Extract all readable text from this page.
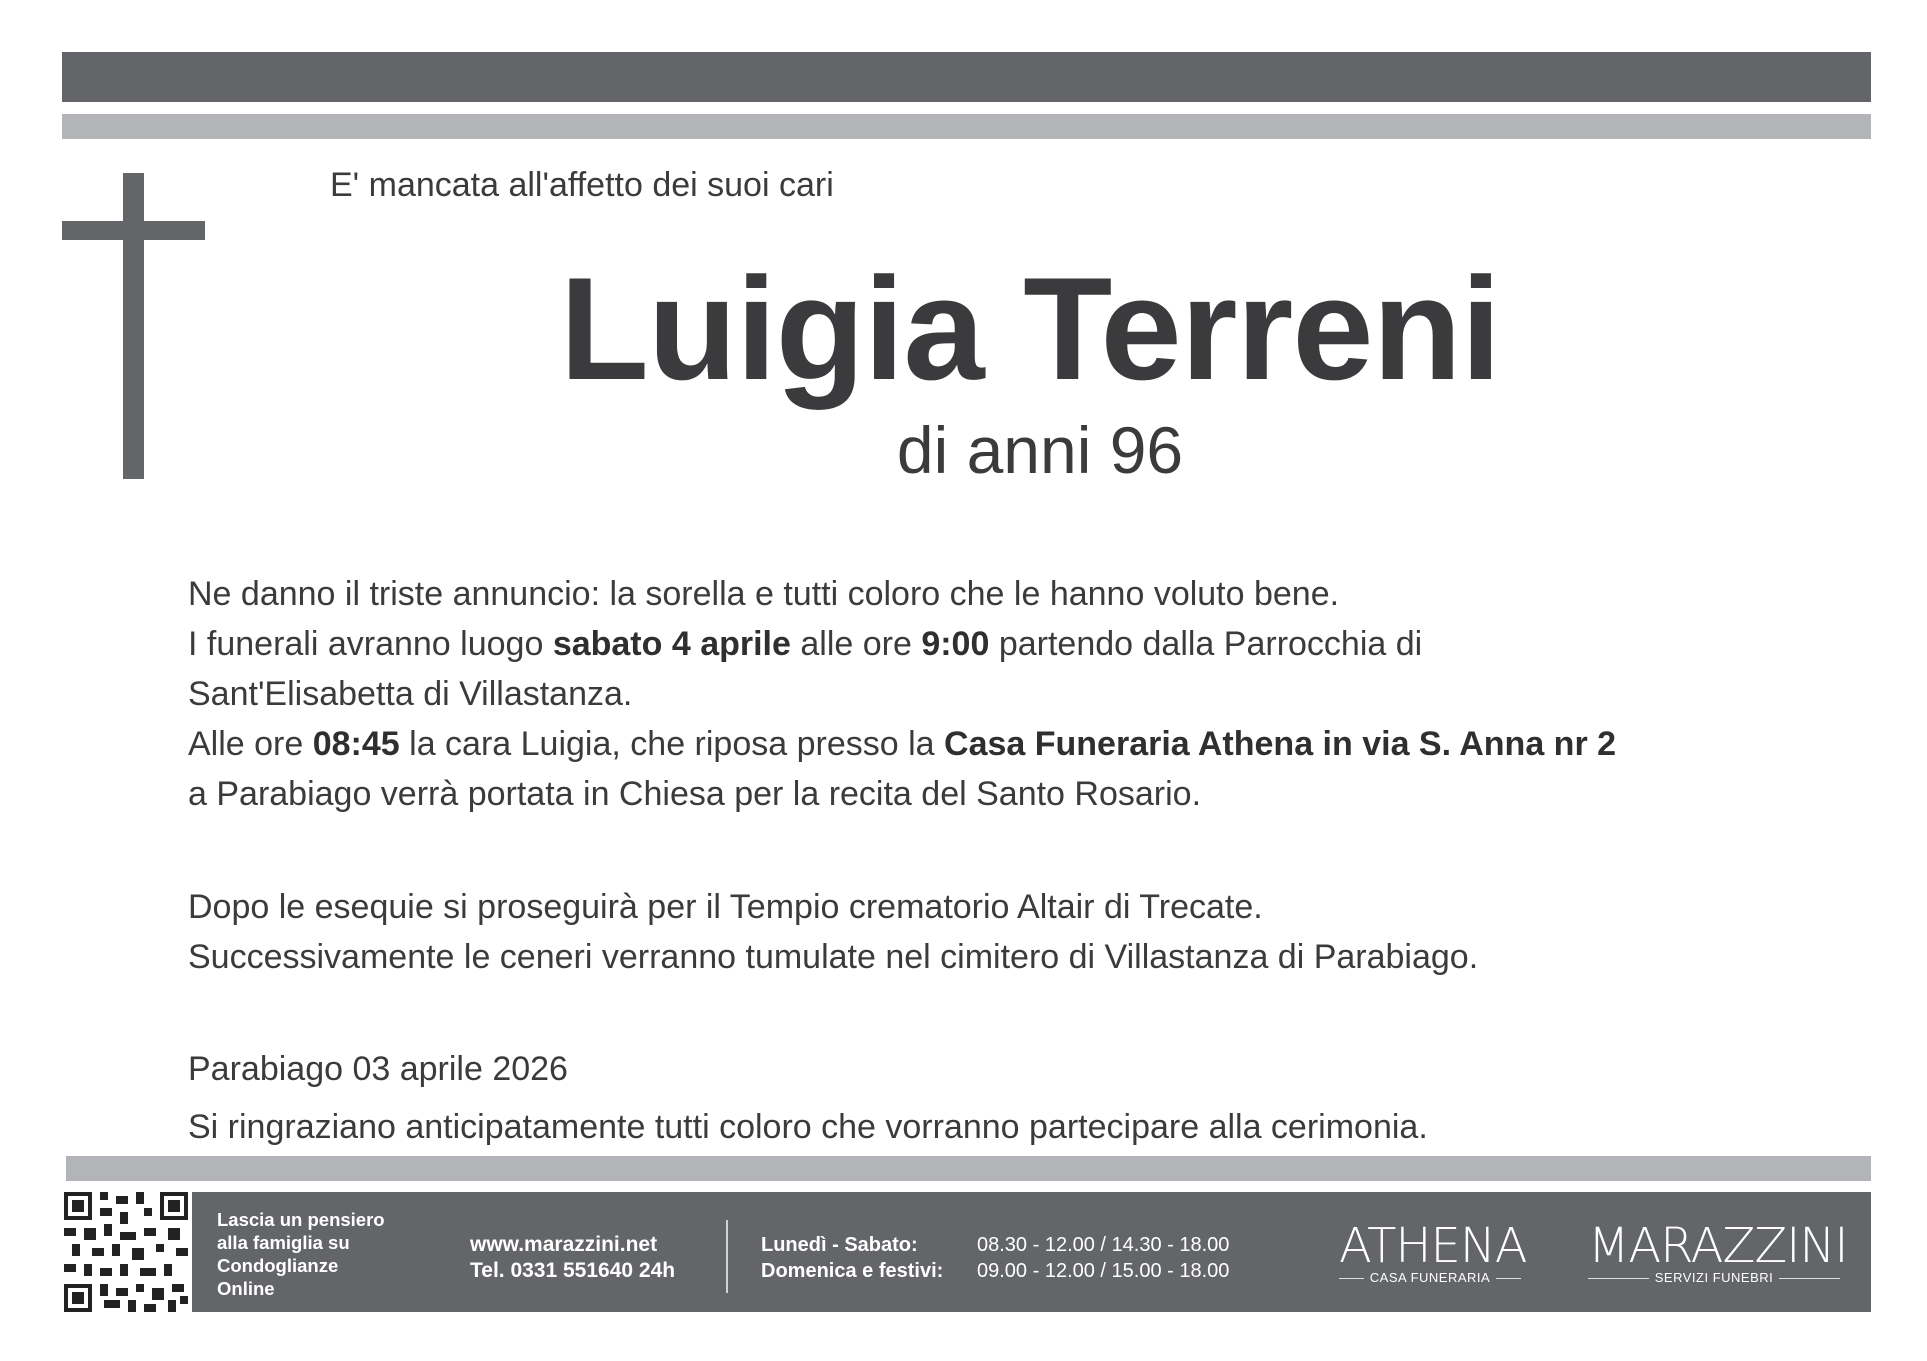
E' mancata all'affetto dei suoi cari
Luigia Terreni
di anni 96
Ne danno il triste annuncio: la sorella e tutti coloro che le hanno voluto bene.
I funerali avranno luogo sabato 4 aprile alle ore 9:00 partendo dalla Parrocchia di
Sant'Elisabetta di Villastanza.
Alle ore 08:45 la cara Luigia, che riposa presso la Casa Funeraria Athena in via S. Anna nr 2
a Parabiago verrà portata in Chiesa per la recita del Santo Rosario.
Dopo le esequie si proseguirà per il Tempio crematorio Altair di Trecate.
Successivamente le ceneri verranno tumulate nel cimitero di Villastanza di Parabiago.
Parabiago 03 aprile 2026
Si ringraziano anticipatamente tutti coloro che vorranno partecipare alla cerimonia.
Lascia un pensiero
alla famiglia su
Condoglianze
Online
www.marazzini.net
Tel. 0331 551640 24h
Lunedì - Sabato:
Domenica e festivi:
08.30 - 12.00 / 14.30 - 18.00
09.00 - 12.00 / 15.00 - 18.00 ATHENA
CASA FUNERARIA
MARAZZINI
SERVIZI FUNEBRI
